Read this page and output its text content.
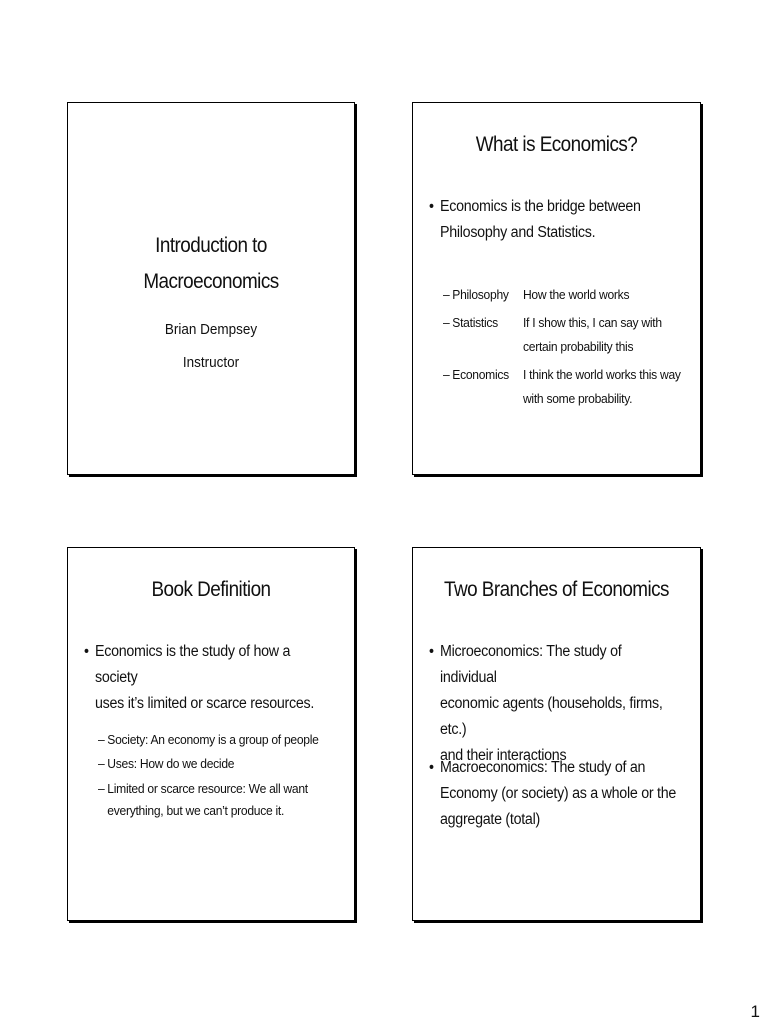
Introduction to
Macroeconomics
Brian Dempsey
Instructor
What is Economics?
• Economics is the bridge between
Philosophy and Statistics.
– Philosophy	How the world works
– Statistics	If I show this, I can say with
certain probability this
– Economics	I think the world works this way
with some probability.
Book Definition
• Economics is the study of how a society
uses it’s limited or scarce resources.
– Society: An economy is a group of people
– Uses: How do we decide
– Limited or scarce resource: We all want
everything, but we can’t produce it.
Two Branches of Economics
• Microeconomics: The study of individual
economic agents (households, firms, etc.)
and their interactions
• Macroeconomics: The study of an
Economy (or society) as a whole or the
aggregate (total)
1
